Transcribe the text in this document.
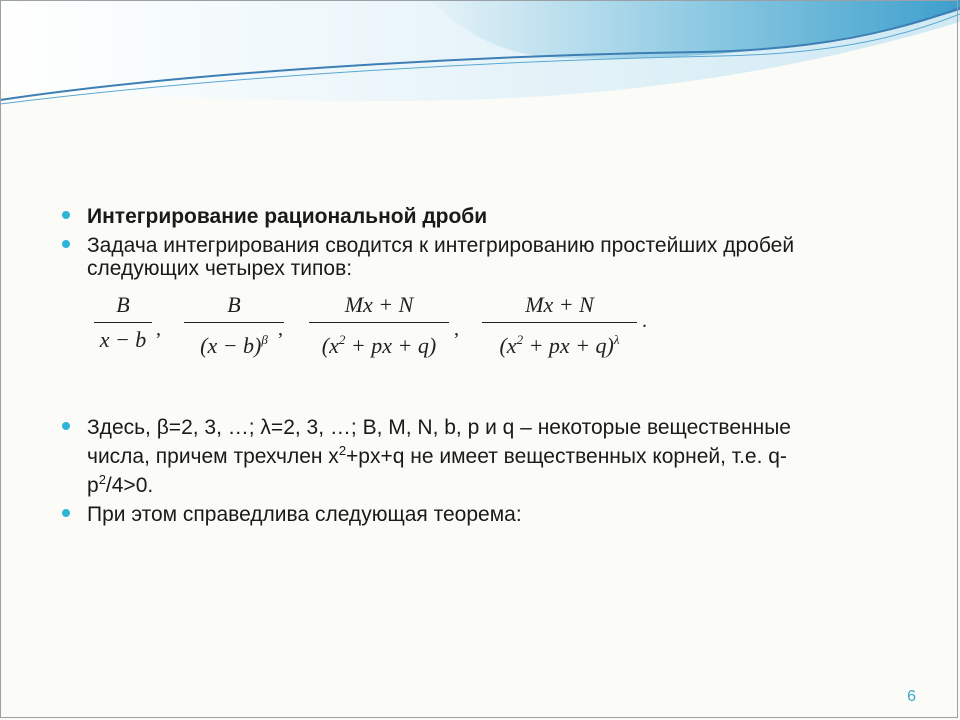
Интегрирование рациональной дроби
Задача интегрирования сводится к интегрированию простейших дробей следующих четырех типов:
B
x − b ,
B
$(x - b)^\beta$ ,
Mx + N
($x^2$ + px + q)
,
Mx + N
($x^2$ + px + q)$^\lambda$
.
Здесь, β=2, 3, …; λ=2, 3, …; B, M, N, b, p и q – некоторые вещественные
числа, причем трехчлен $x^2+px+q$ не имеет вещественных корней, т.е. q-
$p^2/4>0$.
При этом справедлива следующая теорема:
6
